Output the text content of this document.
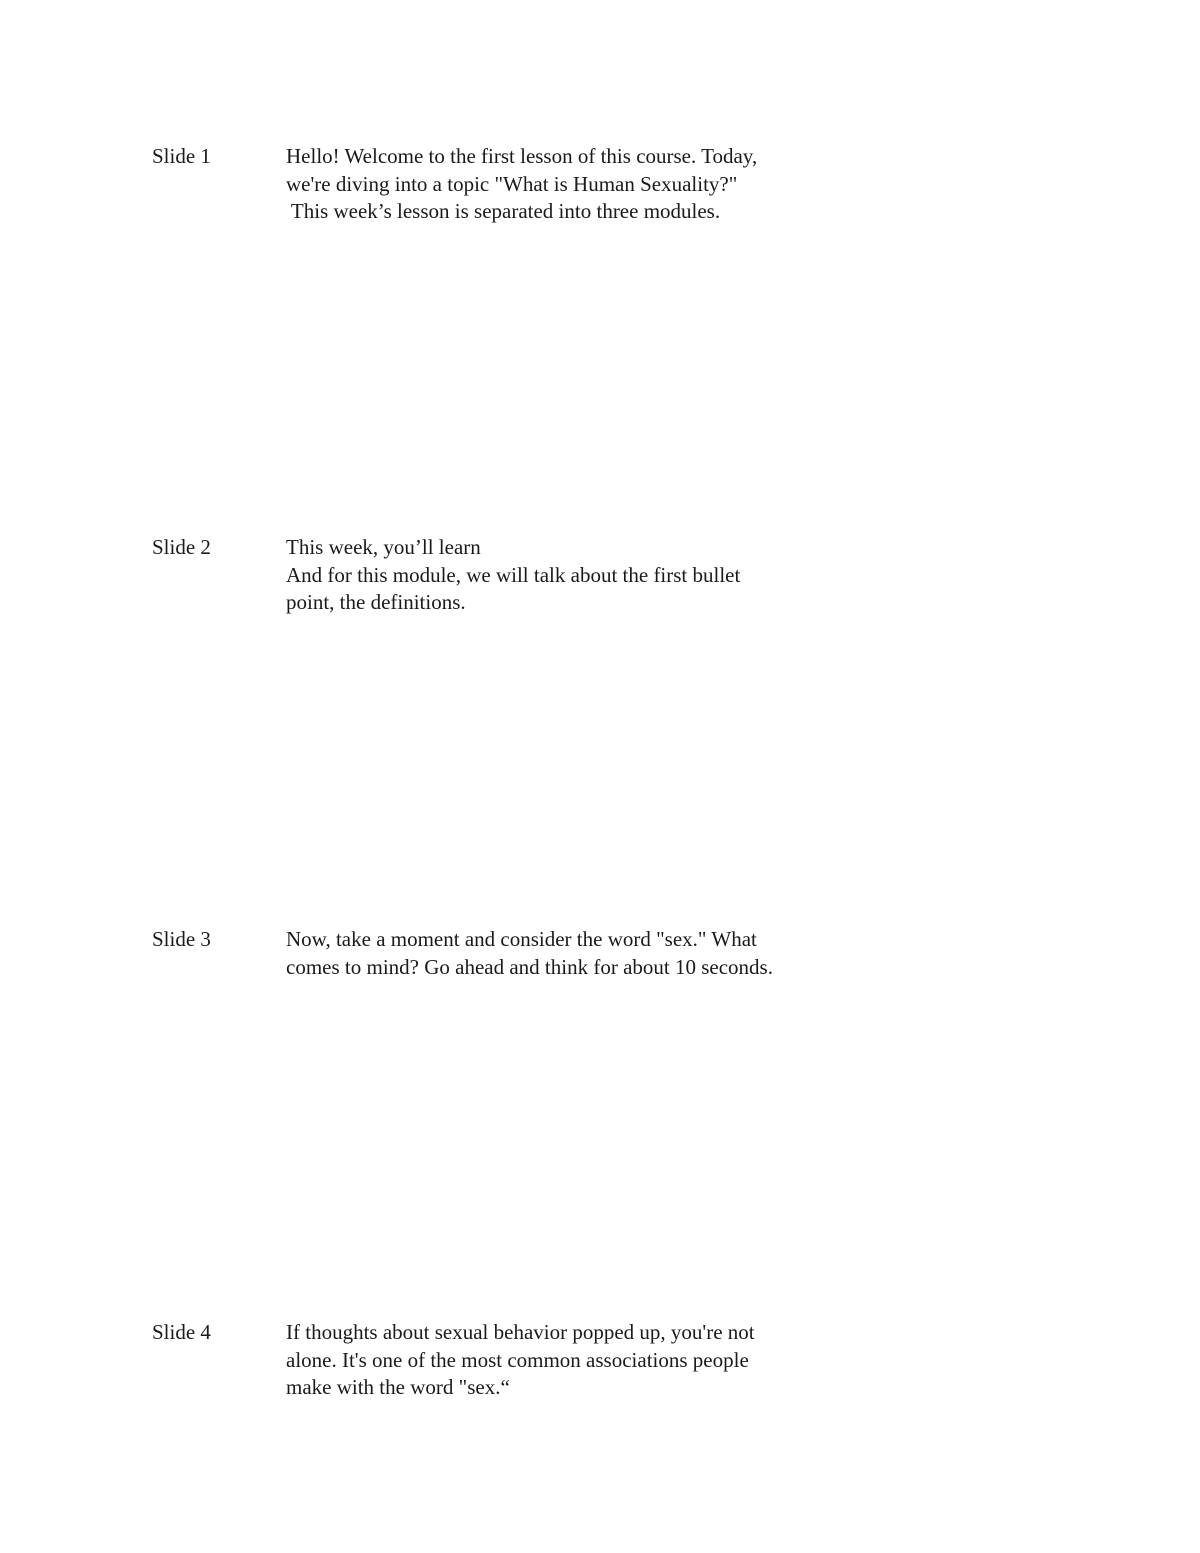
Slide 1	Hello! Welcome to the first lesson of this course. Today,
we're diving into a topic "What is Human Sexuality?"
This week’s lesson is separated into three modules.
Slide 2	This week, you’ll learn
And for this module, we will talk about the first bullet
point, the definitions.
Slide 3	Now, take a moment and consider the word "sex." What
comes to mind? Go ahead and think for about 10 seconds.
Slide 4	If thoughts about sexual behavior popped up, you're not
alone. It's one of the most common associations people
make with the word "sex.“
